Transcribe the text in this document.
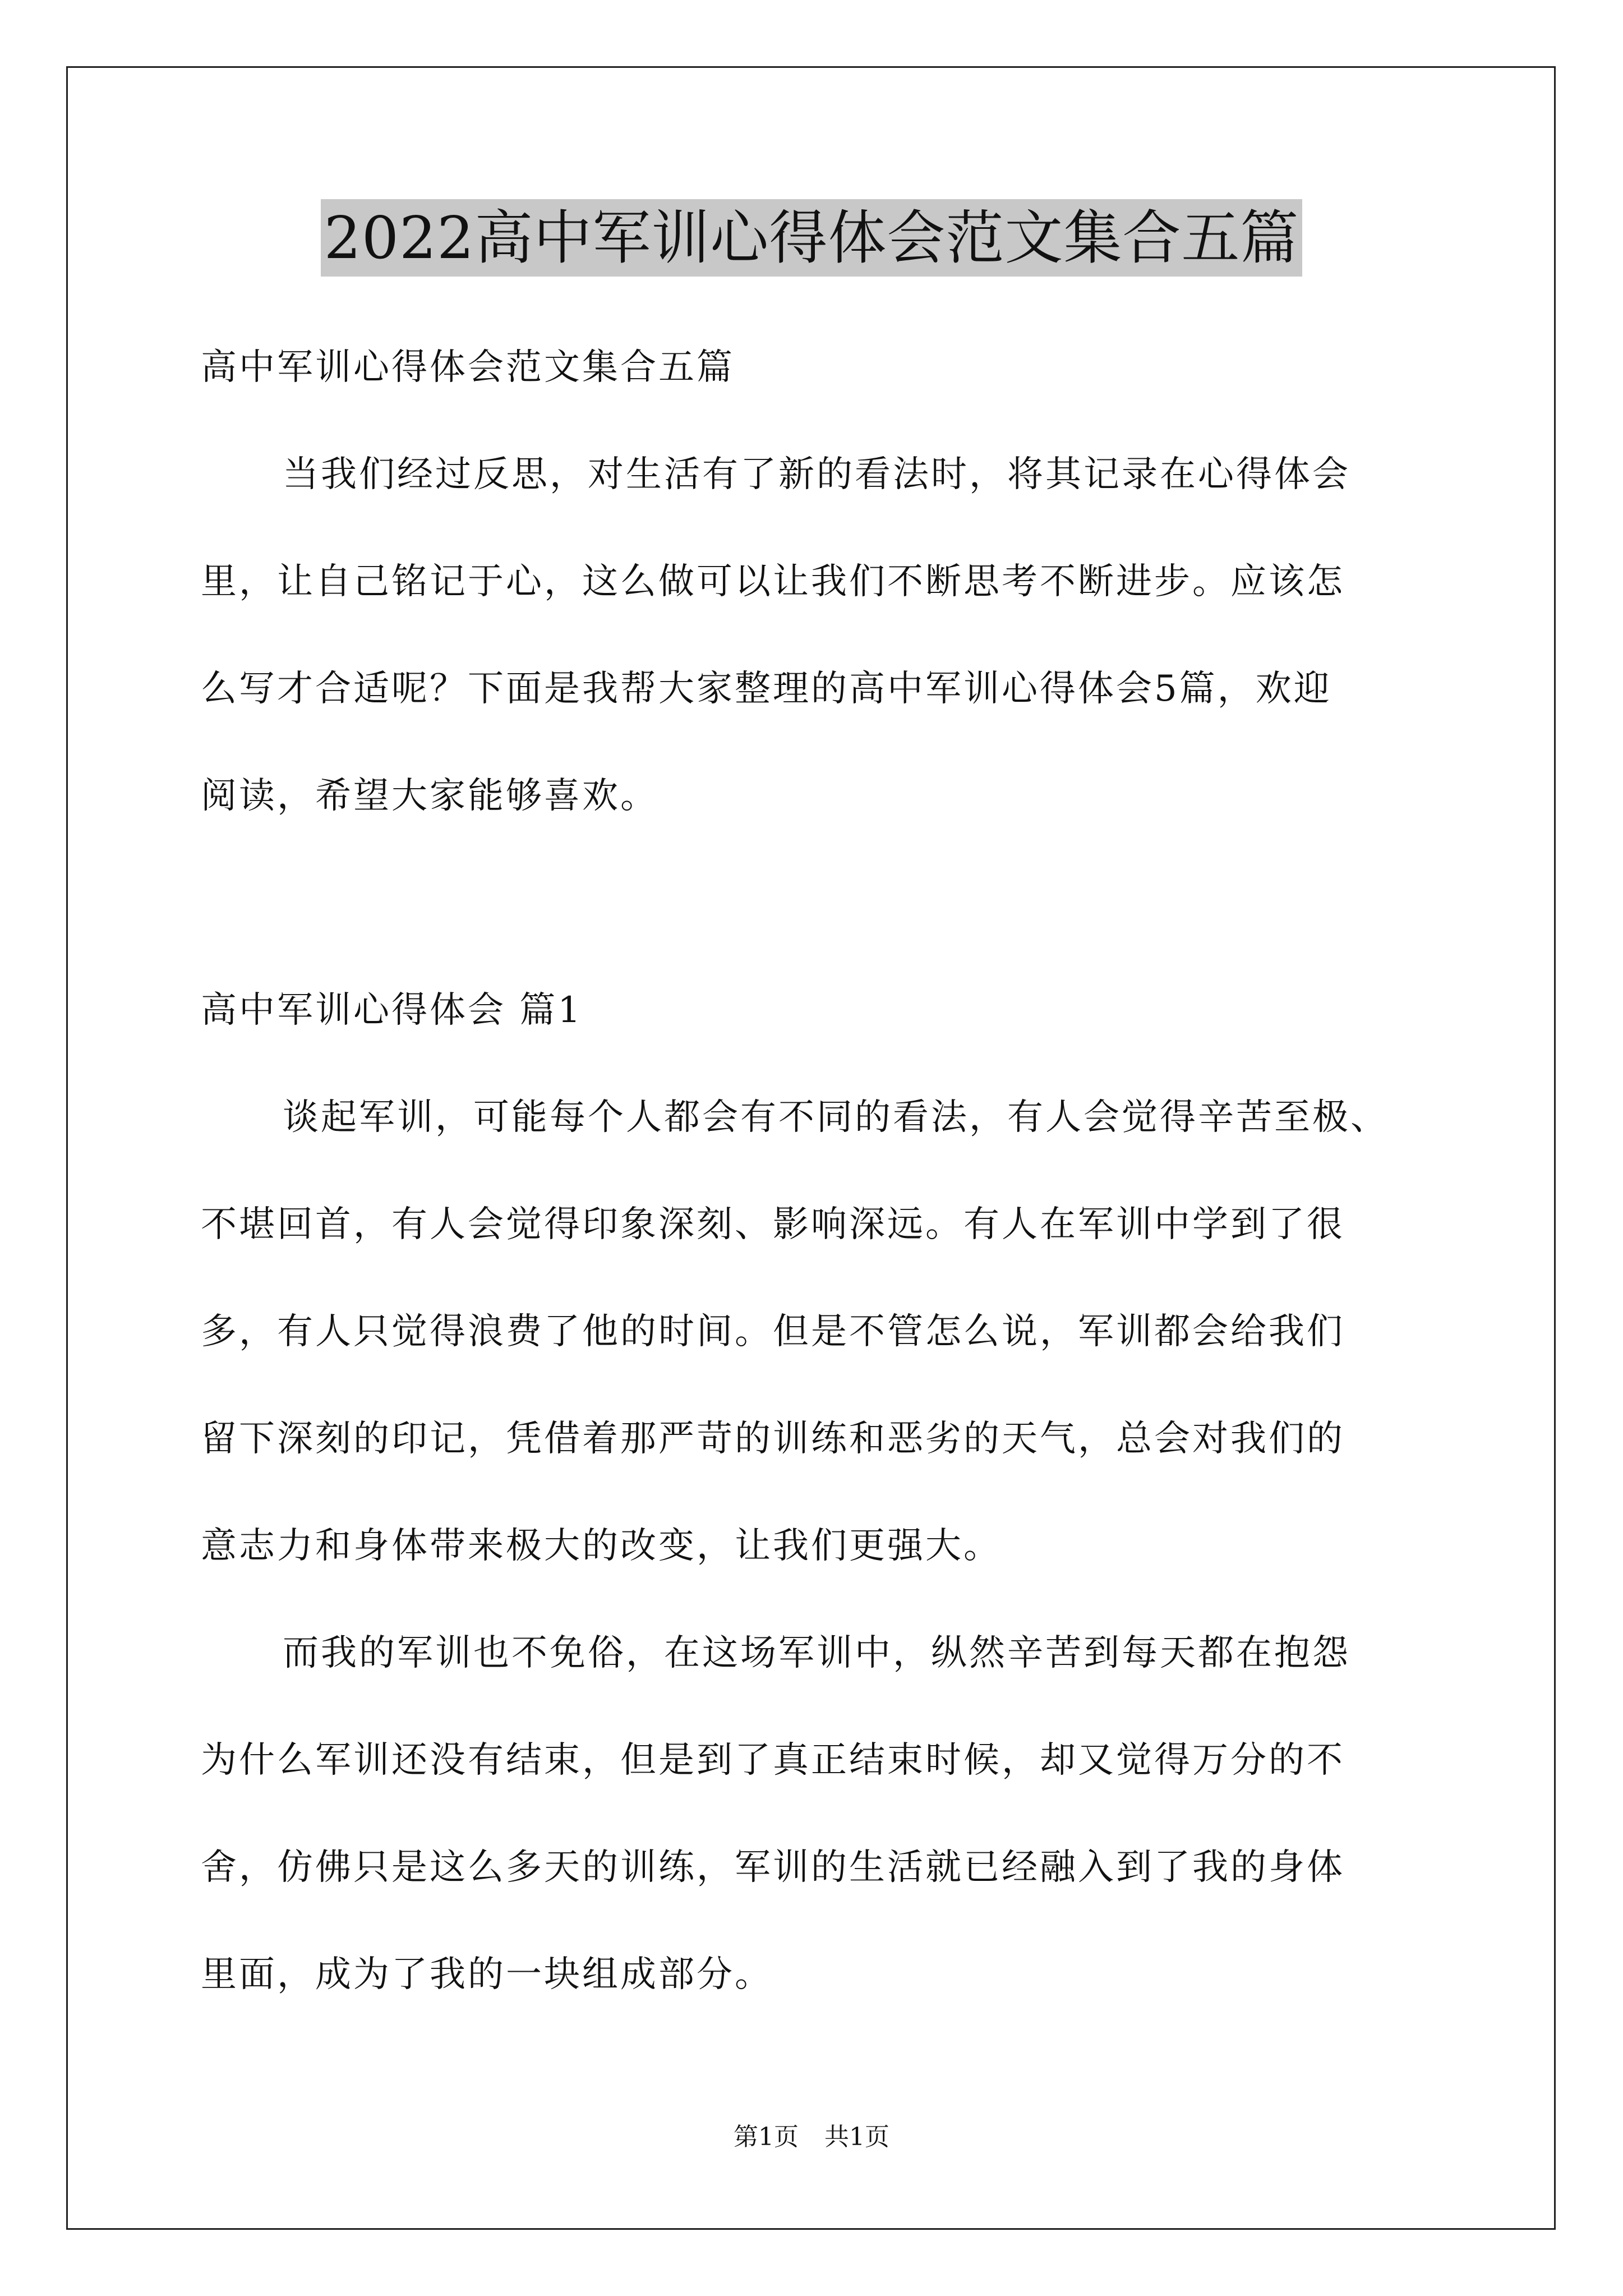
2022高中军训心得体会范文集合五篇
高中军训心得体会范文集合五篇
当我们经过反思，对生活有了新的看法时，将其记录在心得体会
里，让自己铭记于心，这么做可以让我们不断思考不断进步。应该怎
么写才合适呢？下面是我帮大家整理的高中军训心得体会5篇，欢迎
阅读，希望大家能够喜欢。
高中军训心得体会 篇1
谈起军训，可能每个人都会有不同的看法，有人会觉得辛苦至极、
不堪回首，有人会觉得印象深刻、影响深远。有人在军训中学到了很
多，有人只觉得浪费了他的时间。但是不管怎么说，军训都会给我们
留下深刻的印记，凭借着那严苛的训练和恶劣的天气，总会对我们的
意志力和身体带来极大的改变，让我们更强大。
而我的军训也不免俗，在这场军训中，纵然辛苦到每天都在抱怨
为什么军训还没有结束，但是到了真正结束时候，却又觉得万分的不
舍，仿佛只是这么多天的训练，军训的生活就已经融入到了我的身体
里面，成为了我的一块组成部分。
第1页 共1页
